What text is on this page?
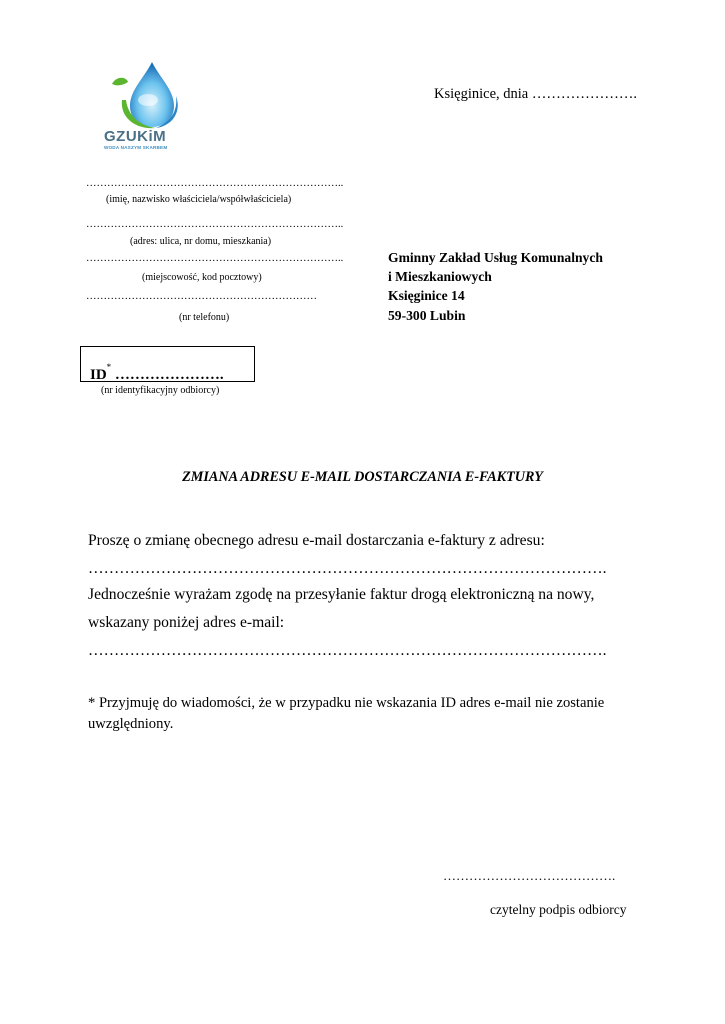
GZUKiM
WODA NASZYM SKARBEM
Księginice, dnia ………………….
………………………………………………………………..
(imię, nazwisko właściciela/współwłaściciela)
………………………………………………………………..
(adres: ulica, nr domu, mieszkania)
………………………………………………………………..
(miejscowość, kod pocztowy)
…………………………………………………………
(nr telefonu)
Gminny Zakład Usług Komunalnych
i Mieszkaniowych
Księginice 14
59-300 Lubin
ID* ………………….
(nr identyfikacyjny odbiorcy)
ZMIANA ADRESU E-MAIL DOSTARCZANIA E-FAKTURY
Proszę o zmianę obecnego adresu e-mail dostarczania e-faktury z adresu:
……………………………………………………………………………………….
Jednocześnie wyrażam zgodę na przesyłanie faktur drogą elektroniczną na nowy,
wskazany poniżej adres e-mail:
……………………………………………………………………………………….
* Przyjmuję do wiadomości, że w przypadku nie wskazania ID adres e-mail nie zostanie
uwzględniony.
………………………………….
czytelny podpis odbiorcy
